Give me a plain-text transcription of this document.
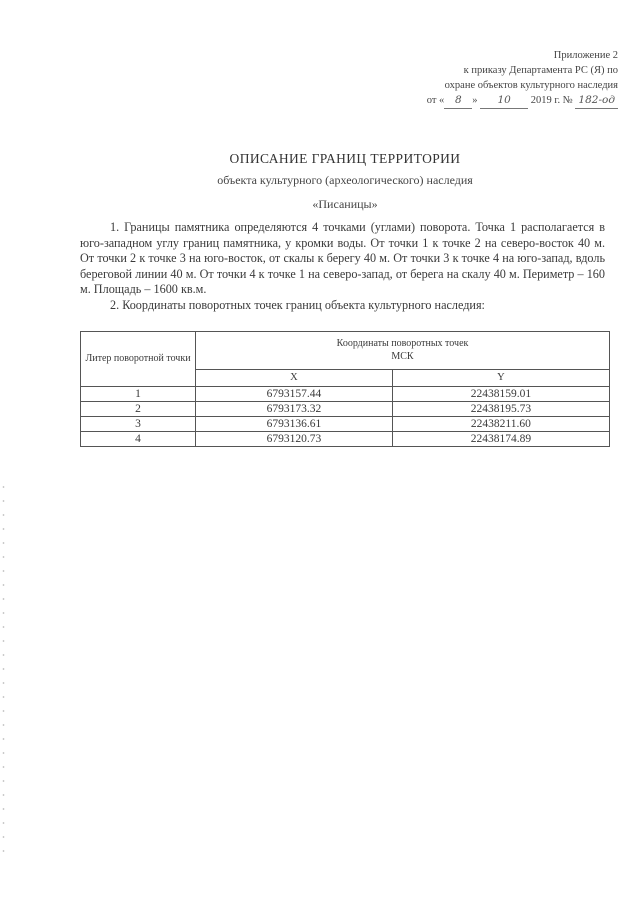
Приложение 2
к приказу Департамента РС (Я) по
охране объектов культурного наследия
от « 8 » 10 2019 г. № 182-од
ОПИСАНИЕ ГРАНИЦ ТЕРРИТОРИИ
объекта культурного (археологического) наследия
«Писаницы»

1. Границы памятника определяются 4 точками (углами) поворота. Точка 1 располагается в юго-западном углу границ памятника, у кромки воды. От точки 1 к точке 2 на северо-восток 40 м. От точки 2 к точке 3 на юго-восток, от скалы к берегу 40 м. От точки 3 к точке 4 на юго-запад, вдоль береговой линии 40 м. От точки 4 к точке 1 на северо-запад, от берега на скалу 40 м. Периметр – 160 м. Площадь – 1600 кв.м.

2. Координаты поворотных точек границ объекта культурного наследия:

Литер поворотной точки	Координаты поворотных точек
МСК	
	X	Y
1	6793157.44	22438159.01
2	6793173.32	22438195.73
3	6793136.61	22438211.60
4	6793120.73	22438174.89
